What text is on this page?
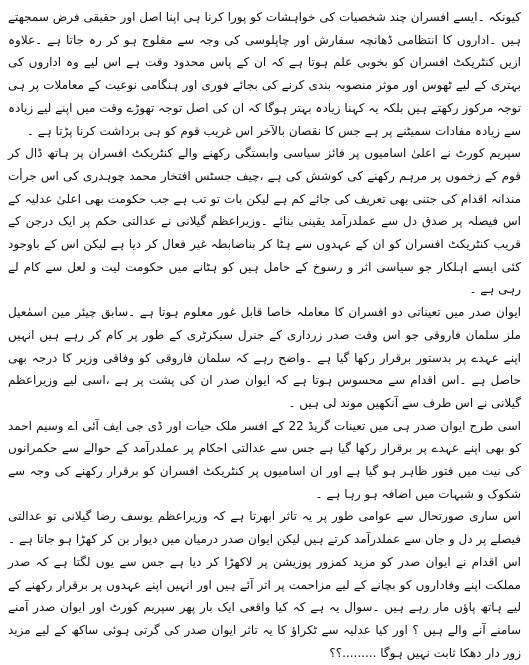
کیونکہ ۔ایسے افسران چند شخصیات کی خواہشات کو پورا کرنا ہی اپنا اصل اور حقیقی فرض سمجھتے ہیں ۔اداروں کا انتظامی ڈھانچہ سفارش اور چاپلوسی کی وجہ سے مفلوج ہو کر رہ جاتا ہے ۔علاوہ ازیں کنٹریکٹ افسران کو بخوبی علم ہوتا ہے کہ ان کے پاس محدود وقت ہے اس لیے وہ اداروں کی بہتری کے لیے ٹھوس اور موثر منصوبہ بندی کرنے کی بجائے فوری اور ہنگامی نوعیت کے معاملات پر ہی توجہ مرکوز رکھتے ہیں بلکہ یہ کہنا زیادہ بہتر ہوگا کہ ان کی اصل توجہ تھوڑے وقت میں اپنے لیے زیادہ سے زیادہ مفادات سمیٹنے پر ہے جس کا نقصان بالآخر اس غریب قوم کو ہی برداشت کرنا پڑتا ہے ۔

سپریم کورٹ نے اعلیٰ اسامیوں پر فائز سیاسی وابستگی رکھنے والے کنٹریکٹ افسران پر ہاتھ ڈال کر قوم کے زخموں پر مرہم رکھنے کی کوشش کی ہے ،چیف جسٹس افتخار محمد چوہدری کی اس جرأت مندانہ اقدام کی جتنی بھی تعریف کی جائے کم ہے لیکن بات تو تب ہے جب حکومت بھی اعلیٰ عدلیہ کے اس فیصلہ پر صدق دل سے عملدرآمد یقینی بنائے ۔وزیراعظم گیلانی نے عدالتی حکم پر ایک درجن کے قریب کنٹریکٹ افسران کو ان کے عہدوں سے ہٹا کر بناضابطہ غیر فعال کر دیا ہے لیکن اس کے باوجود کئی ایسے اہلکار جو سیاسی اثر و رسوخ کے حامل ہیں کو ہٹانے میں حکومت لیت و لعل سے کام لے رہی ہے ۔

ایوان صدر میں تعیناتی دو افسران کا معاملہ خاصا قابل غور معلوم ہوتا ہے ۔سابق چیئر مین اسمٰعیل ملز سلمان فاروقی جو اس وقت صدر زرداری کے جنرل سیکرٹری کے طور پر کام کر رہے ہیں انہیں اپنے عہدے پر بدستور برقرار رکھا گیا ہے ۔واضح رہے کہ سلمان فاروقی کو وفاقی وزیر کا درجہ بھی حاصل ہے ۔اس اقدام سے محسوس ہوتا ہے کہ ایوان صدر ان کی پشت پر ہے ،اسی لیے وزیراعظم گیلانی نے اس طرف سے آنکھیں موند لی ہیں ۔

اسی طرح ایوان صدر ہی میں تعینات گریڈ 22 کے افسر ملک حیات اور ڈی جی ایف آئی اے وسیم احمد کو بھی اپنے عہدے پر برقرار رکھا گیا ہے جس سے عدالتی احکام پر عملدرآمد کے حوالے سے حکمرانوں کی نیت میں فتور ظاہر ہو گیا ہے اور ان اسامیوں پر کنٹریکٹ افسران کو برقرار رکھنے کی وجہ سے شکوک و شبہات میں اضافہ ہو رہا ہے ۔

اس ساری صورتحال سے عوامی طور پر یہ تاثر ابھرتا ہے کہ وزیراعظم یوسف رضا گیلانی تو عدالتی فیصلے پر دل و جان سے عملدرآمد کرتے ہیں لیکن ایوان صدر درمیان میں دیوار بن کر کھڑا ہو جاتا ہے ۔اس اقدام نے ایوان صدر کو مزید کمزور پوزیشن پر لاکھڑا کر دیا ہے جس سے یوں لگتا ہے کہ صدر مملکت اپنے وفاداروں کو بچانے کے لیے مزاحمت پر اتر آئے ہیں اور انہیں اپنے عہدوں پر برقرار رکھنے کے لیے ہاتھ پاؤں مار رہے ہیں ۔سوال یہ ہے کہ کیا واقعی ایک بار پھر سپریم کورٹ اور ایوان صدر آمنے سامنے آنے والے ہیں ؟ اور کیا عدلیہ سے ٹکراؤ کا یہ تاثر ایوان صدر کی گرتی ہوئی ساکھ کے لیے مزید زور دار دھکا ثابت نہیں ہوگا .........؟؟
